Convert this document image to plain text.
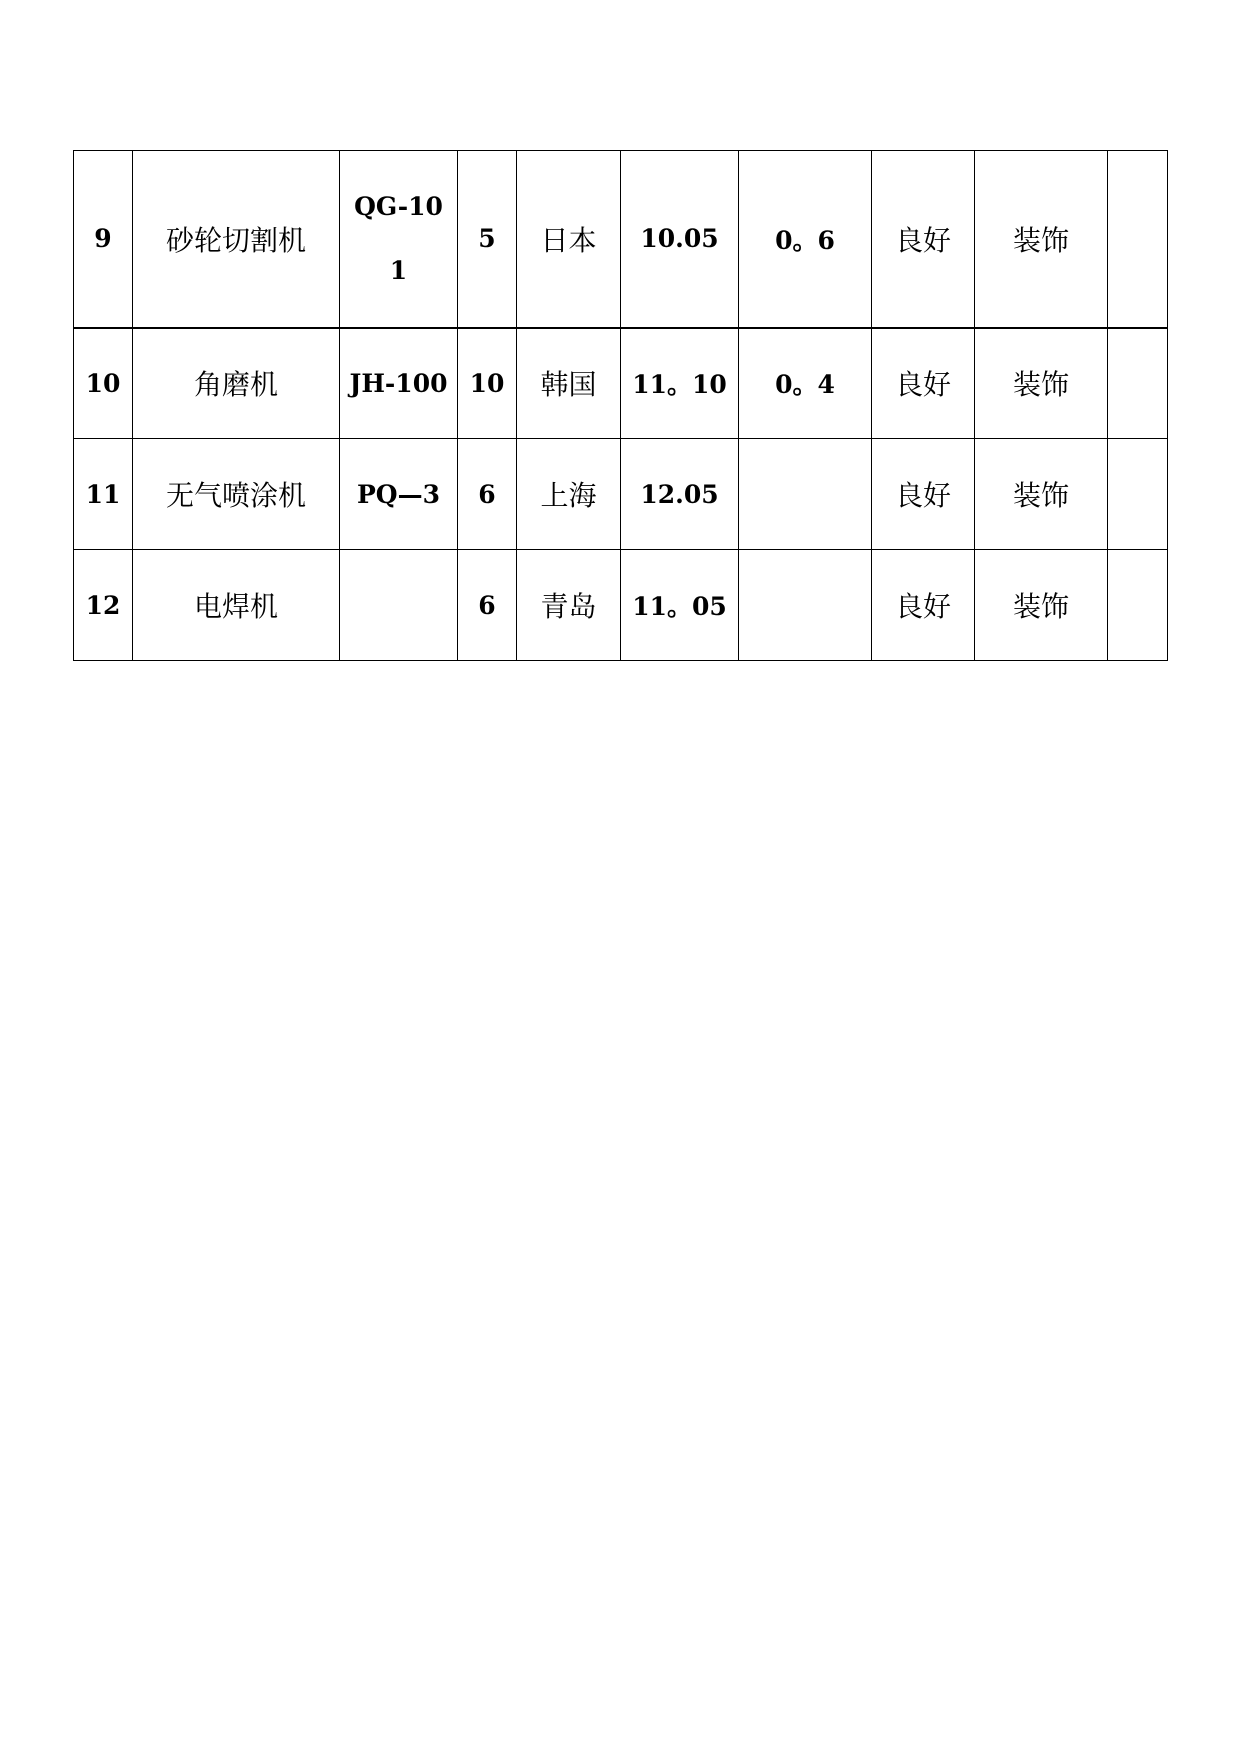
9	砂轮切割机	QG-101	5	日本	10.05	0。6	良好	装饰	
10	角磨机	JH-100	10	韩国	11。10	0。4	良好	装饰	
11	无气喷涂机	PQ—3	6	上海	12.05		良好	装饰	
12	电焊机		6	青岛	11。05		良好	装饰	
